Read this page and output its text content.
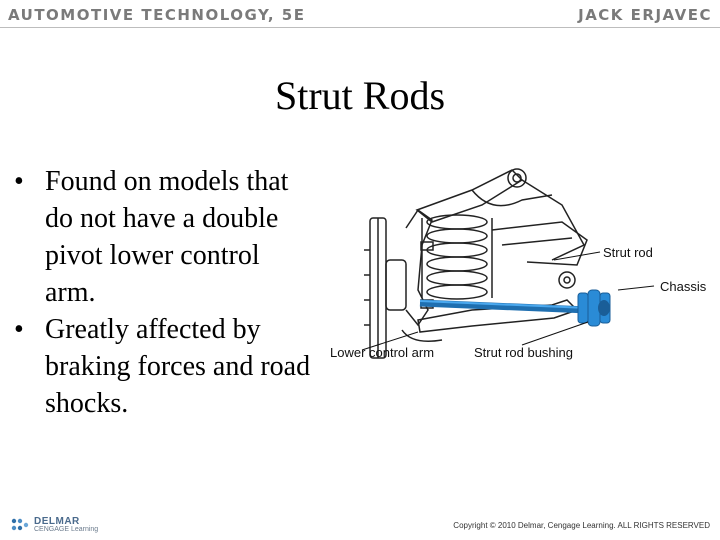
AUTOMOTIVE TECHNOLOGY, 5E	JACK ERJAVEC
Strut Rods
• Found on models that do not have a double pivot lower control arm.
• Greatly affected by braking forces and road shocks.
Strut rod
Chassis
Lower control arm	Strut rod bushing
DELMAR
CENGAGE Learning	Copyright © 2010 Delmar, Cengage Learning. ALL RIGHTS RESERVED
